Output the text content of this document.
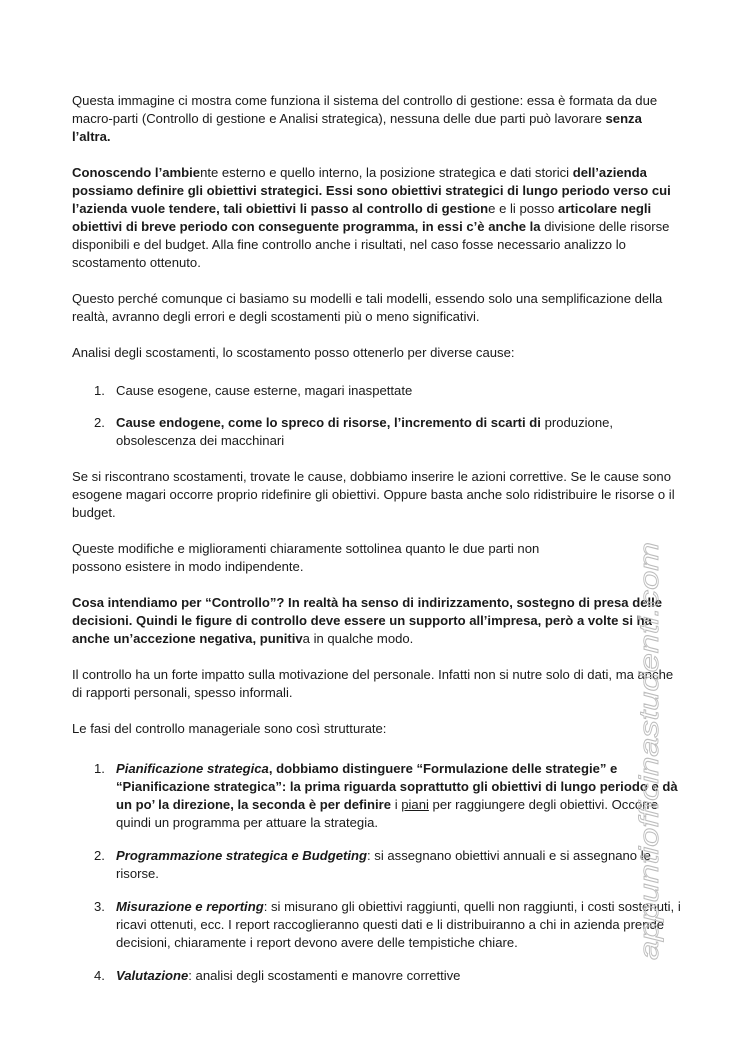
Questa immagine ci mostra come funziona il sistema del controllo di gestione: essa è formata da due macro-parti (Controllo di gestione e Analisi strategica), nessuna delle due parti può lavorare senza l’altra.

Conoscendo l’ambiente esterno e quello interno, la posizione strategica e dati storici dell’azienda possiamo definire gli obiettivi strategici. Essi sono obiettivi strategici di lungo periodo verso cui l’azienda vuole tendere, tali obiettivi li passo al controllo di gestione e li posso articolare negli obiettivi di breve periodo con conseguente programma, in essi c’è anche la divisione delle risorse disponibili e del budget. Alla fine controllo anche i risultati, nel caso fosse necessario analizzo lo scostamento ottenuto.

Questo perché comunque ci basiamo su modelli e tali modelli, essendo solo una semplificazione della realtà, avranno degli errori e degli scostamenti più o meno significativi.

Analisi degli scostamenti, lo scostamento posso ottenerlo per diverse cause:

1. Cause esogene, cause esterne, magari inaspettate
2. Cause endogene, come lo spreco di risorse, l’incremento di scarti di produzione, obsolescenza dei macchinari

Se si riscontrano scostamenti, trovate le cause, dobbiamo inserire le azioni correttive. Se le cause sono esogene magari occorre proprio ridefinire gli obiettivi. Oppure basta anche solo ridistribuire le risorse o il budget.

Queste modifiche e miglioramenti chiaramente sottolinea quanto le due parti non possono esistere in modo indipendente.

Cosa intendiamo per “Controllo”? In realtà ha senso di indirizzamento, sostegno di presa delle decisioni. Quindi le figure di controllo deve essere un supporto all’impresa, però a volte si ha anche un’accezione negativa, punitiva in qualche modo.

Il controllo ha un forte impatto sulla motivazione del personale. Infatti non si nutre solo di dati, ma anche di rapporti personali, spesso informali.

Le fasi del controllo manageriale sono così strutturate:

1. Pianificazione strategica, dobbiamo distinguere “Formulazione delle strategie” e “Pianificazione strategica”: la prima riguarda soprattutto gli obiettivi di lungo periodo e dà un po’ la direzione, la seconda è per definire i piani per raggiungere degli obiettivi. Occorre quindi un programma per attuare la strategia.
2. Programmazione strategica e Budgeting: si assegnano obiettivi annuali e si assegnano le risorse.
3. Misurazione e reporting: si misurano gli obiettivi raggiunti, quelli non raggiunti, i costi sostenuti, i ricavi ottenuti, ecc. I report raccoglieranno questi dati e li distribuiranno a chi in azienda prende decisioni, chiaramente i report devono avere delle tempistiche chiare.
4. Valutazione: analisi degli scostamenti e manovre correttive
appuntiofficinastudenti.com
